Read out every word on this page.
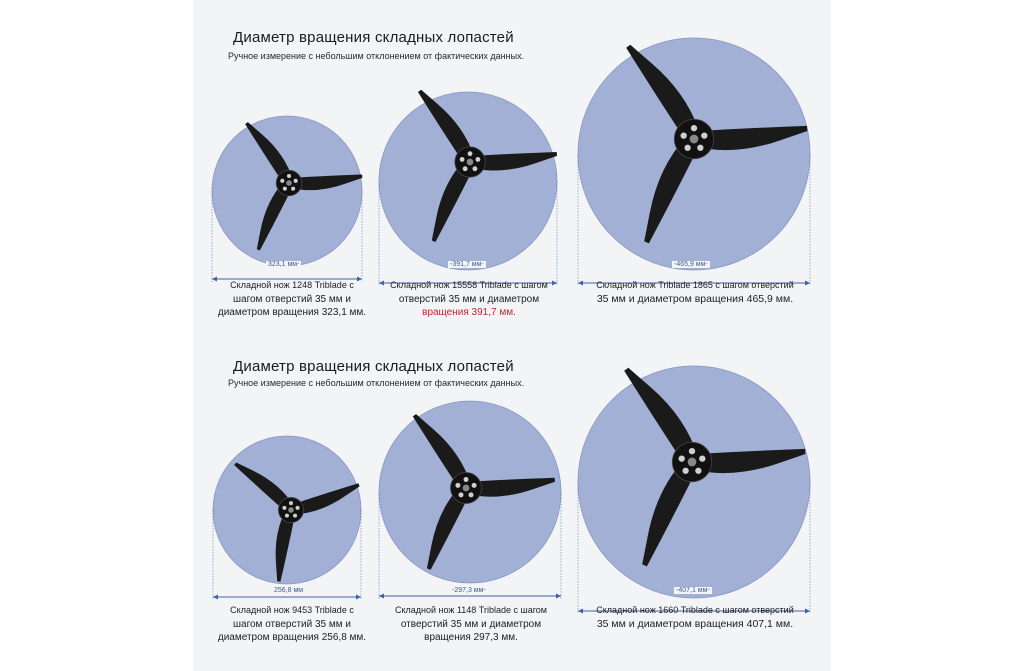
Диаметр вращения складных лопастей
Ручное измерение с небольшим отклонением от фактических данных.
Диаметр вращения складных лопастей
Ручное измерение с небольшим отклонением от фактических данных.
323,1 мм-	-391,7 мм-	-465,9 мм-
256,8 мм	-297,3 мм-	-407,1 мм-
Складной нож 1248 Triblade с
шагом отверстий 35 мм и
диаметром вращения 323,1 мм.
Складной нож 15558 Triblade с шагом
отверстий 35 мм и диаметром
вращения 391,7 мм.
Складной нож Triblade 1865 с шагом отверстий
35 мм и диаметром вращения 465,9 мм.
Складной нож 9453 Triblade с
шагом отверстий 35 мм и
диаметром вращения 256,8 мм.
Складной нож 1148 Triblade с шагом
отверстий 35 мм и диаметром
вращения 297,3 мм.
Складной нож 1660 Triblade с шагом отверстий
35 мм и диаметром вращения 407,1 мм.
